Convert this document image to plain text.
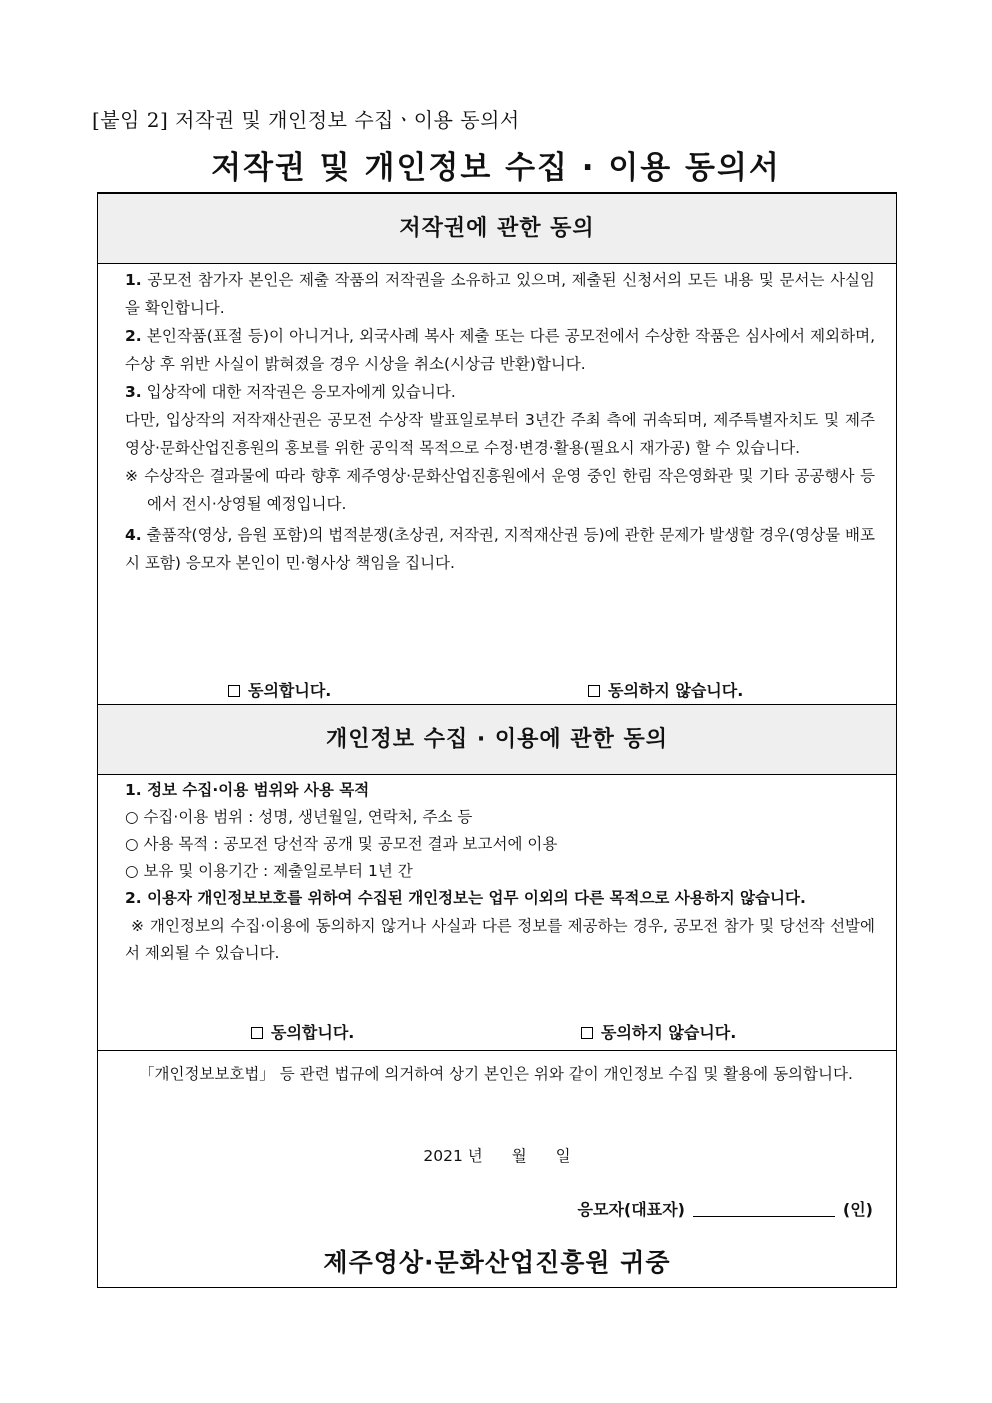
[붙임 2] 저작권 및 개인정보 수집ㆍ이용 동의서
저작권 및 개인정보 수집 · 이용 동의서
저작권에 관한 동의

1. 공모전 참가자 본인은 제출 작품의 저작권을 소유하고 있으며, 제출된 신청서의 모든 내용 및 문서는 사실임을 확인합니다.

2. 본인작품(표절 등)이 아니거나, 외국사례 복사 제출 또는 다른 공모전에서 수상한 작품은 심사에서 제외하며, 수상 후 위반 사실이 밝혀졌을 경우 시상을 취소(시상금 반환)합니다.

3. 입상작에 대한 저작권은 응모자에게 있습니다.

다만, 입상작의 저작재산권은 공모전 수상작 발표일로부터 3년간 주최 측에 귀속되며, 제주특별자치도 및 제주영상·문화산업진흥원의 홍보를 위한 공익적 목적으로 수정·변경·활용(필요시 재가공) 할 수 있습니다.

※ 수상작은 결과물에 따라 향후 제주영상·문화산업진흥원에서 운영 중인 한림 작은영화관 및 기타 공공행사 등에서 전시·상영될 예정입니다.

4. 출품작(영상, 음원 포함)의 법적분쟁(초상권, 저작권, 지적재산권 등)에 관한 문제가 발생할 경우(영상물 배포 시 포함) 응모자 본인이 민·형사상 책임을 집니다.

동의합니다.	동의하지 않습니다.
개인정보 수집 · 이용에 관한 동의

1. 정보 수집·이용 범위와 사용 목적

○ 수집·이용 범위 : 성명, 생년월일, 연락처, 주소 등

○ 사용 목적 : 공모전 당선작 공개 및 공모전 결과 보고서에 이용

○ 보유 및 이용기간 : 제출일로부터 1년 간

2. 이용자 개인정보보호를 위하여 수집된 개인정보는 업무 이외의 다른 목적으로 사용하지 않습니다.

※ 개인정보의 수집·이용에 동의하지 않거나 사실과 다른 정보를 제공하는 경우, 공모전 참가 및 당선작 선발에서 제외될 수 있습니다.

동의합니다.	동의하지 않습니다.

「개인정보보호법」 등 관련 법규에 의거하여 상기 본인은 위와 같이 개인정보 수집 및 활용에 동의합니다.

2021 년 월 일
응모자(대표자)	(인)
제주영상·문화산업진흥원 귀중
